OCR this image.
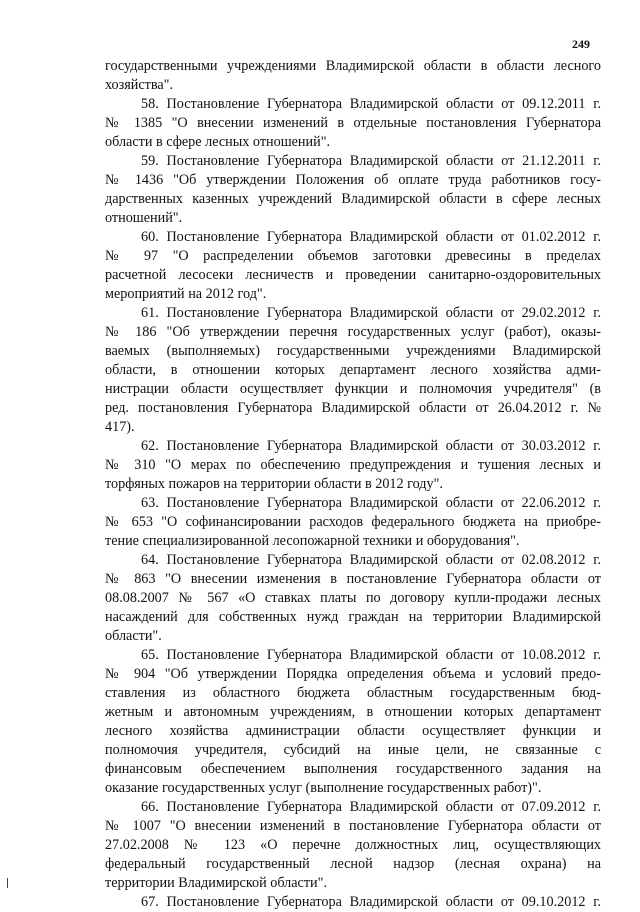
249
государственными учреждениями Владимирской области в области лесного
хозяйства".
58. Постановление Губернатора Владимирской области от 09.12.2011 г.
№ 1385 "О внесении изменений в отдельные постановления Губернатора
области в сфере лесных отношений".
59. Постановление Губернатора Владимирской области от 21.12.2011 г.
№ 1436 "Об утверждении Положения об оплате труда работников госу-
дарственных казенных учреждений Владимирской области в сфере лесных
отношений".
60. Постановление Губернатора Владимирской области от 01.02.2012 г.
№ 97 "О распределении объемов заготовки древесины в пределах
расчетной лесосеки лесничеств и проведении санитарно-оздоровительных
мероприятий на 2012 год".
61. Постановление Губернатора Владимирской области от 29.02.2012 г.
№ 186 "Об утверждении перечня государственных услуг (работ), оказы-
ваемых (выполняемых) государственными учреждениями Владимирской
области, в отношении которых департамент лесного хозяйства адми-
нистрации области осуществляет функции и полномочия учредителя" (в
ред. постановления Губернатора Владимирской области от 26.04.2012 г. №
417).
62. Постановление Губернатора Владимирской области от 30.03.2012 г.
№ 310 "О мерах по обеспечению предупреждения и тушения лесных и
торфяных пожаров на территории области в 2012 году".
63. Постановление Губернатора Владимирской области от 22.06.2012 г.
№ 653 "О софинансировании расходов федерального бюджета на приобре-
тение специализированной лесопожарной техники и оборудования".
64. Постановление Губернатора Владимирской области от 02.08.2012 г.
№ 863 "О внесении изменения в постановление Губернатора области от
08.08.2007 № 567 «О ставках платы по договору купли-продажи лесных
насаждений для собственных нужд граждан на территории Владимирской
области".
65. Постановление Губернатора Владимирской области от 10.08.2012 г.
№ 904 "Об утверждении Порядка определения объема и условий предо-
ставления из областного бюджета областным государственным бюд-
жетным и автономным учреждениям, в отношении которых департамент
лесного хозяйства администрации области осуществляет функции и
полномочия учредителя, субсидий на иные цели, не связанные с
финансовым обеспечением выполнения государственного задания на
оказание государственных услуг (выполнение государственных работ)".
66. Постановление Губернатора Владимирской области от 07.09.2012 г.
№ 1007 "О внесении изменений в постановление Губернатора области от
27.02.2008 № 123 «О перечне должностных лиц, осуществляющих
федеральный государственный лесной надзор (лесная охрана) на
территории Владимирской области".
67. Постановление Губернатора Владимирской области от 09.10.2012 г.
